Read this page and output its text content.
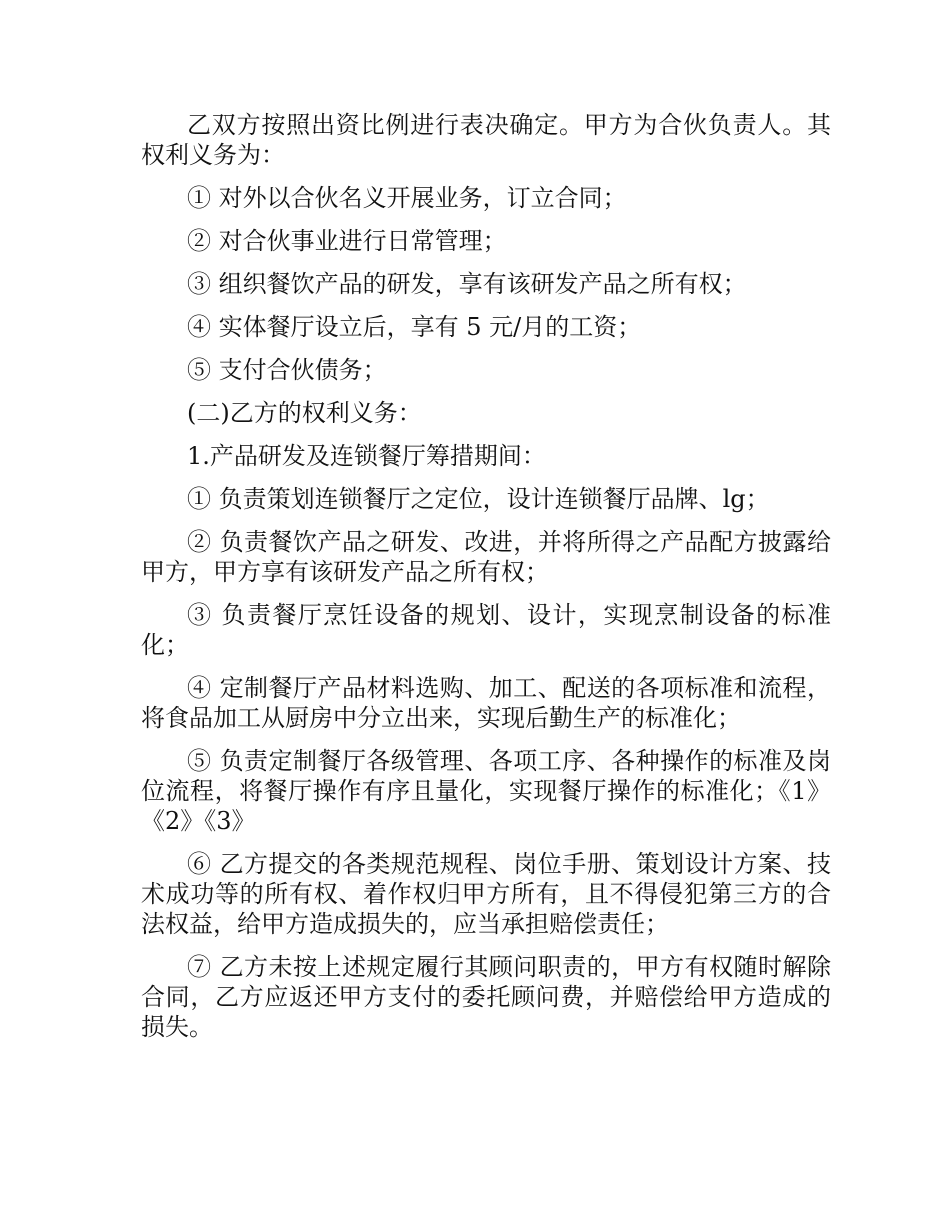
乙双方按照出资比例进行表决确定。甲方为合伙负责人。其权利义务为：

① 对外以合伙名义开展业务，订立合同；

② 对合伙事业进行日常管理；

③ 组织餐饮产品的研发，享有该研发产品之所有权；

④ 实体餐厅设立后，享有 5 元/月的工资；

⑤ 支付合伙债务；

(二)乙方的权利义务：

1.产品研发及连锁餐厅筹措期间：

① 负责策划连锁餐厅之定位，设计连锁餐厅品牌、lg；

② 负责餐饮产品之研发、改进，并将所得之产品配方披露给甲方，甲方享有该研发产品之所有权；

③ 负责餐厅烹饪设备的规划、设计，实现烹制设备的标准化；

④ 定制餐厅产品材料选购、加工、配送的各项标准和流程，将食品加工从厨房中分立出来，实现后勤生产的标准化；

⑤ 负责定制餐厅各级管理、各项工序、各种操作的标准及岗位流程，将餐厅操作有序且量化，实现餐厅操作的标准化；《1》《2》《3》

⑥ 乙方提交的各类规范规程、岗位手册、策划设计方案、技术成功等的所有权、着作权归甲方所有，且不得侵犯第三方的合法权益，给甲方造成损失的，应当承担赔偿责任；

⑦ 乙方未按上述规定履行其顾问职责的，甲方有权随时解除合同，乙方应返还甲方支付的委托顾问费，并赔偿给甲方造成的损失。
